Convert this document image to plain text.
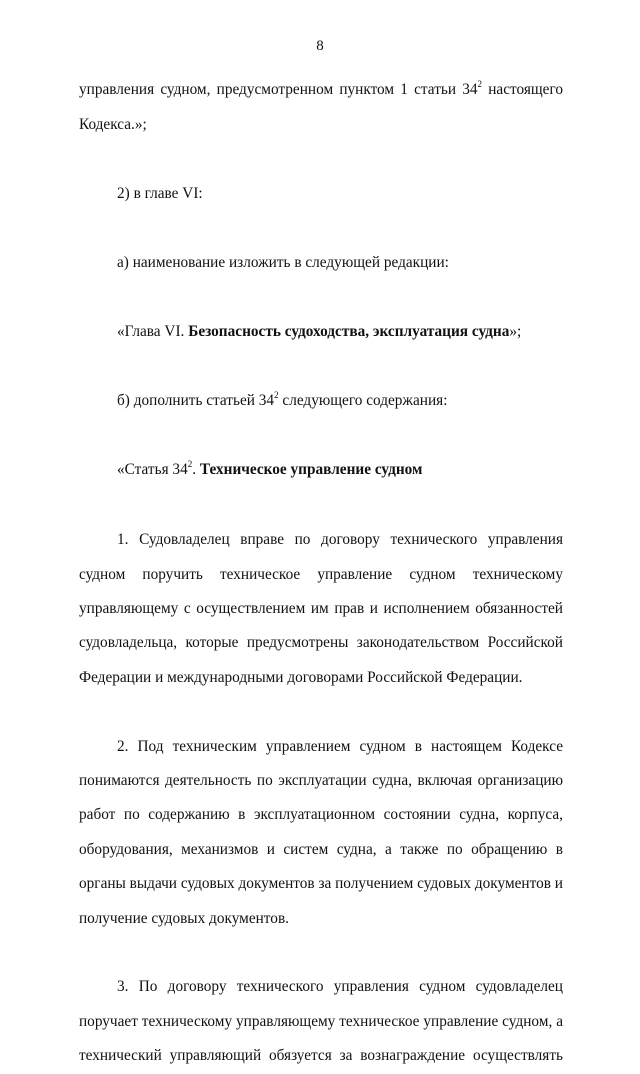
8

управления судном, предусмотренном пунктом 1 статьи $34^2$ настоящего

Кодекса.»;

2) в главе VI:

а) наименование изложить в следующей редакции:

«Глава VI. Безопасность судоходства, эксплуатация судна»;

б) дополнить статьей $34^2$ следующего содержания:

«Статья $34^2$. Техническое управление судном

1. Судовладелец вправе по договору технического управления

судном поручить техническое управление судном техническому

управляющему с осуществлением им прав и исполнением обязанностей

судовладельца, которые предусмотрены законодательством Российской

Федерации и международными договорами Российской Федерации.

2. Под техническим управлением судном в настоящем Кодексе

понимаются деятельность по эксплуатации судна, включая организацию

работ по содержанию в эксплуатационном состоянии судна, корпуса,

оборудования, механизмов и систем судна, а также по обращению в

органы выдачи судовых документов за получением судовых документов и

получение судовых документов.

3. По договору технического управления судном судовладелец

поручает техническому управляющему техническое управление судном, а

технический управляющий обязуется за вознаграждение осуществлять
